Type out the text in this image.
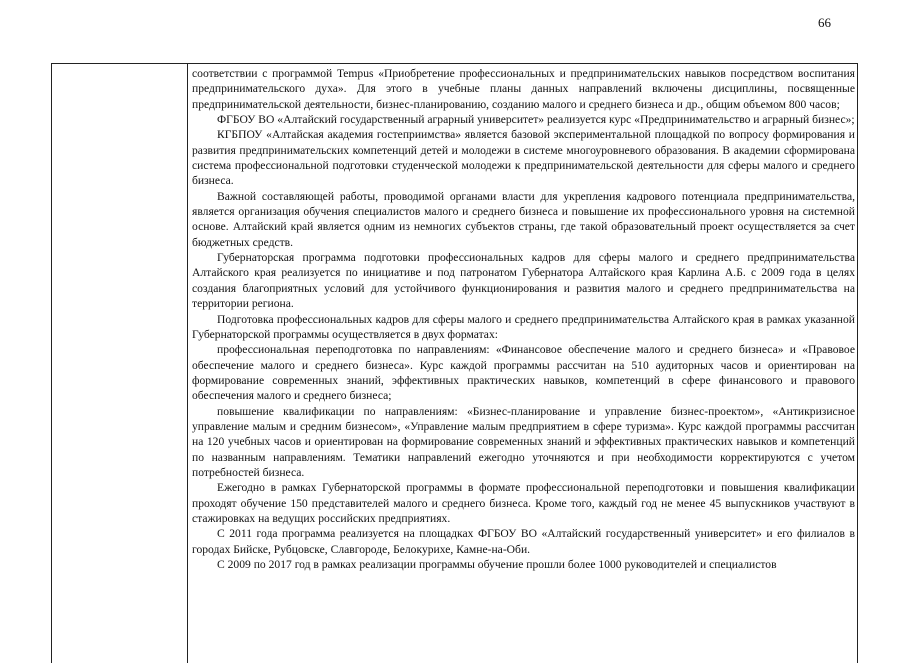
66

соответствии с программой Tempus «Приобретение профессиональных и предпринимательских навыков посредством воспитания предпринимательского духа». Для этого в учебные планы данных направлений включены дисциплины, посвященные предпринимательской деятельности, бизнес-планированию, созданию малого и среднего бизнеса и др., общим объемом 800 часов;

ФГБОУ ВО «Алтайский государственный аграрный университет» реализуется курс «Предпринимательство и аграрный бизнес»;

КГБПОУ «Алтайская академия гостеприимства» является базовой экспериментальной площадкой по вопросу формирования и развития предпринимательских компетенций детей и молодежи в системе многоуровневого образования. В академии сформирована система профессиональной подготовки студенческой молодежи к предпринимательской деятельности для сферы малого и среднего бизнеса.

Важной составляющей работы, проводимой органами власти для укрепления кадрового потенциала предпринимательства, является организация обучения специалистов малого и среднего бизнеса и повышение их профессионального уровня на системной основе. Алтайский край является одним из немногих субъектов страны, где такой образовательный проект осуществляется за счет бюджетных средств.

Губернаторская программа подготовки профессиональных кадров для сферы малого и среднего предпринимательства Алтайского края реализуется по инициативе и под патронатом Губернатора Алтайского края Карлина А.Б. с 2009 года в целях создания благоприятных условий для устойчивого функционирования и развития малого и среднего предпринимательства на территории региона.

Подготовка профессиональных кадров для сферы малого и среднего предпринимательства Алтайского края в рамках указанной Губернаторской программы осуществляется в двух форматах:

профессиональная переподготовка по направлениям: «Финансовое обеспечение малого и среднего бизнеса» и «Правовое обеспечение малого и среднего бизнеса». Курс каждой программы рассчитан на 510 аудиторных часов и ориентирован на формирование современных знаний, эффективных практических навыков, компетенций в сфере финансового и правового обеспечения малого и среднего бизнеса;

повышение квалификации по направлениям: «Бизнес-планирование и управление бизнес-проектом», «Антикризисное управление малым и средним бизнесом», «Управление малым предприятием в сфере туризма». Курс каждой программы рассчитан на 120 учебных часов и ориентирован на формирование современных знаний и эффективных практических навыков и компетенций по названным направлениям. Тематики направлений ежегодно уточняются и при необходимости корректируются с учетом потребностей бизнеса.

Ежегодно в рамках Губернаторской программы в формате профессиональной переподготовки и повышения квалификации проходят обучение 150 представителей малого и среднего бизнеса. Кроме того, каждый год не менее 45 выпускников участвуют в стажировках на ведущих российских предприятиях.

С 2011 года программа реализуется на площадках ФГБОУ ВО «Алтайский государственный университет» и его филиалов в городах Бийске, Рубцовске, Славгороде, Белокурихе, Камне-на-Оби.

С 2009 по 2017 год в рамках реализации программы обучение прошли более 1000 руководителей и специалистов
